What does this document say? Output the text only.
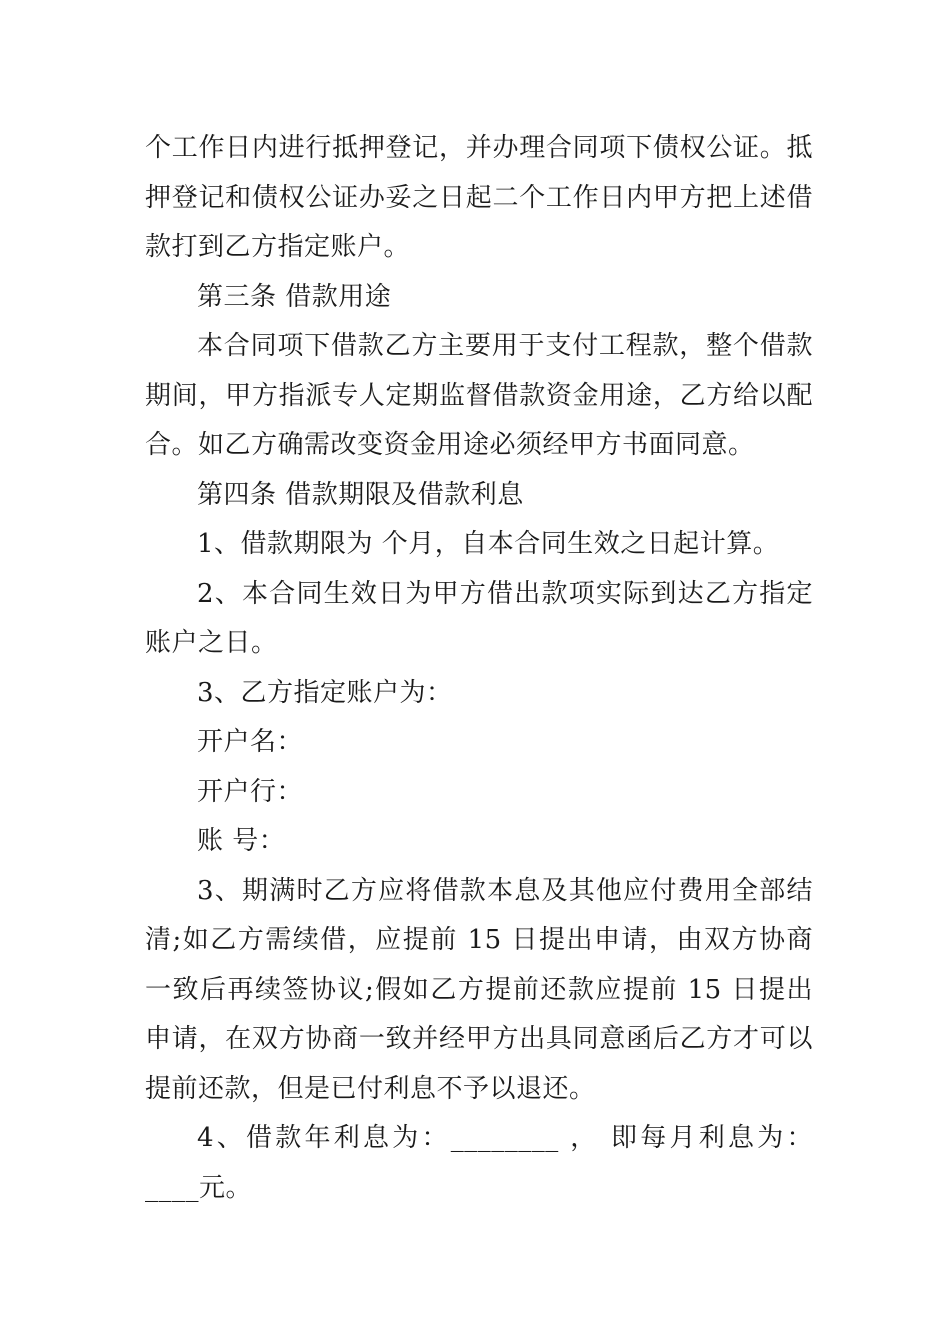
个工作日内进行抵押登记，并办理合同项下债权公证。抵押登记和债权公证办妥之日起二个工作日内甲方把上述借款打到乙方指定账户。

第三条 借款用途

本合同项下借款乙方主要用于支付工程款，整个借款期间，甲方指派专人定期监督借款资金用途，乙方给以配合。如乙方确需改变资金用途必须经甲方书面同意。

第四条 借款期限及借款利息

1、借款期限为 个月，自本合同生效之日起计算。

2、本合同生效日为甲方借出款项实际到达乙方指定账户之日。

3、乙方指定账户为：

开户名：

开户行：

账 号：

3、期满时乙方应将借款本息及其他应付费用全部结清;如乙方需续借，应提前 15 日提出申请，由双方协商一致后再续签协议;假如乙方提前还款应提前 15 日提出申请，在双方协商一致并经甲方出具同意函后乙方才可以提前还款，但是已付利息不予以退还。

4、借款年利息为：________ ， 即每月利息为： ____元。
